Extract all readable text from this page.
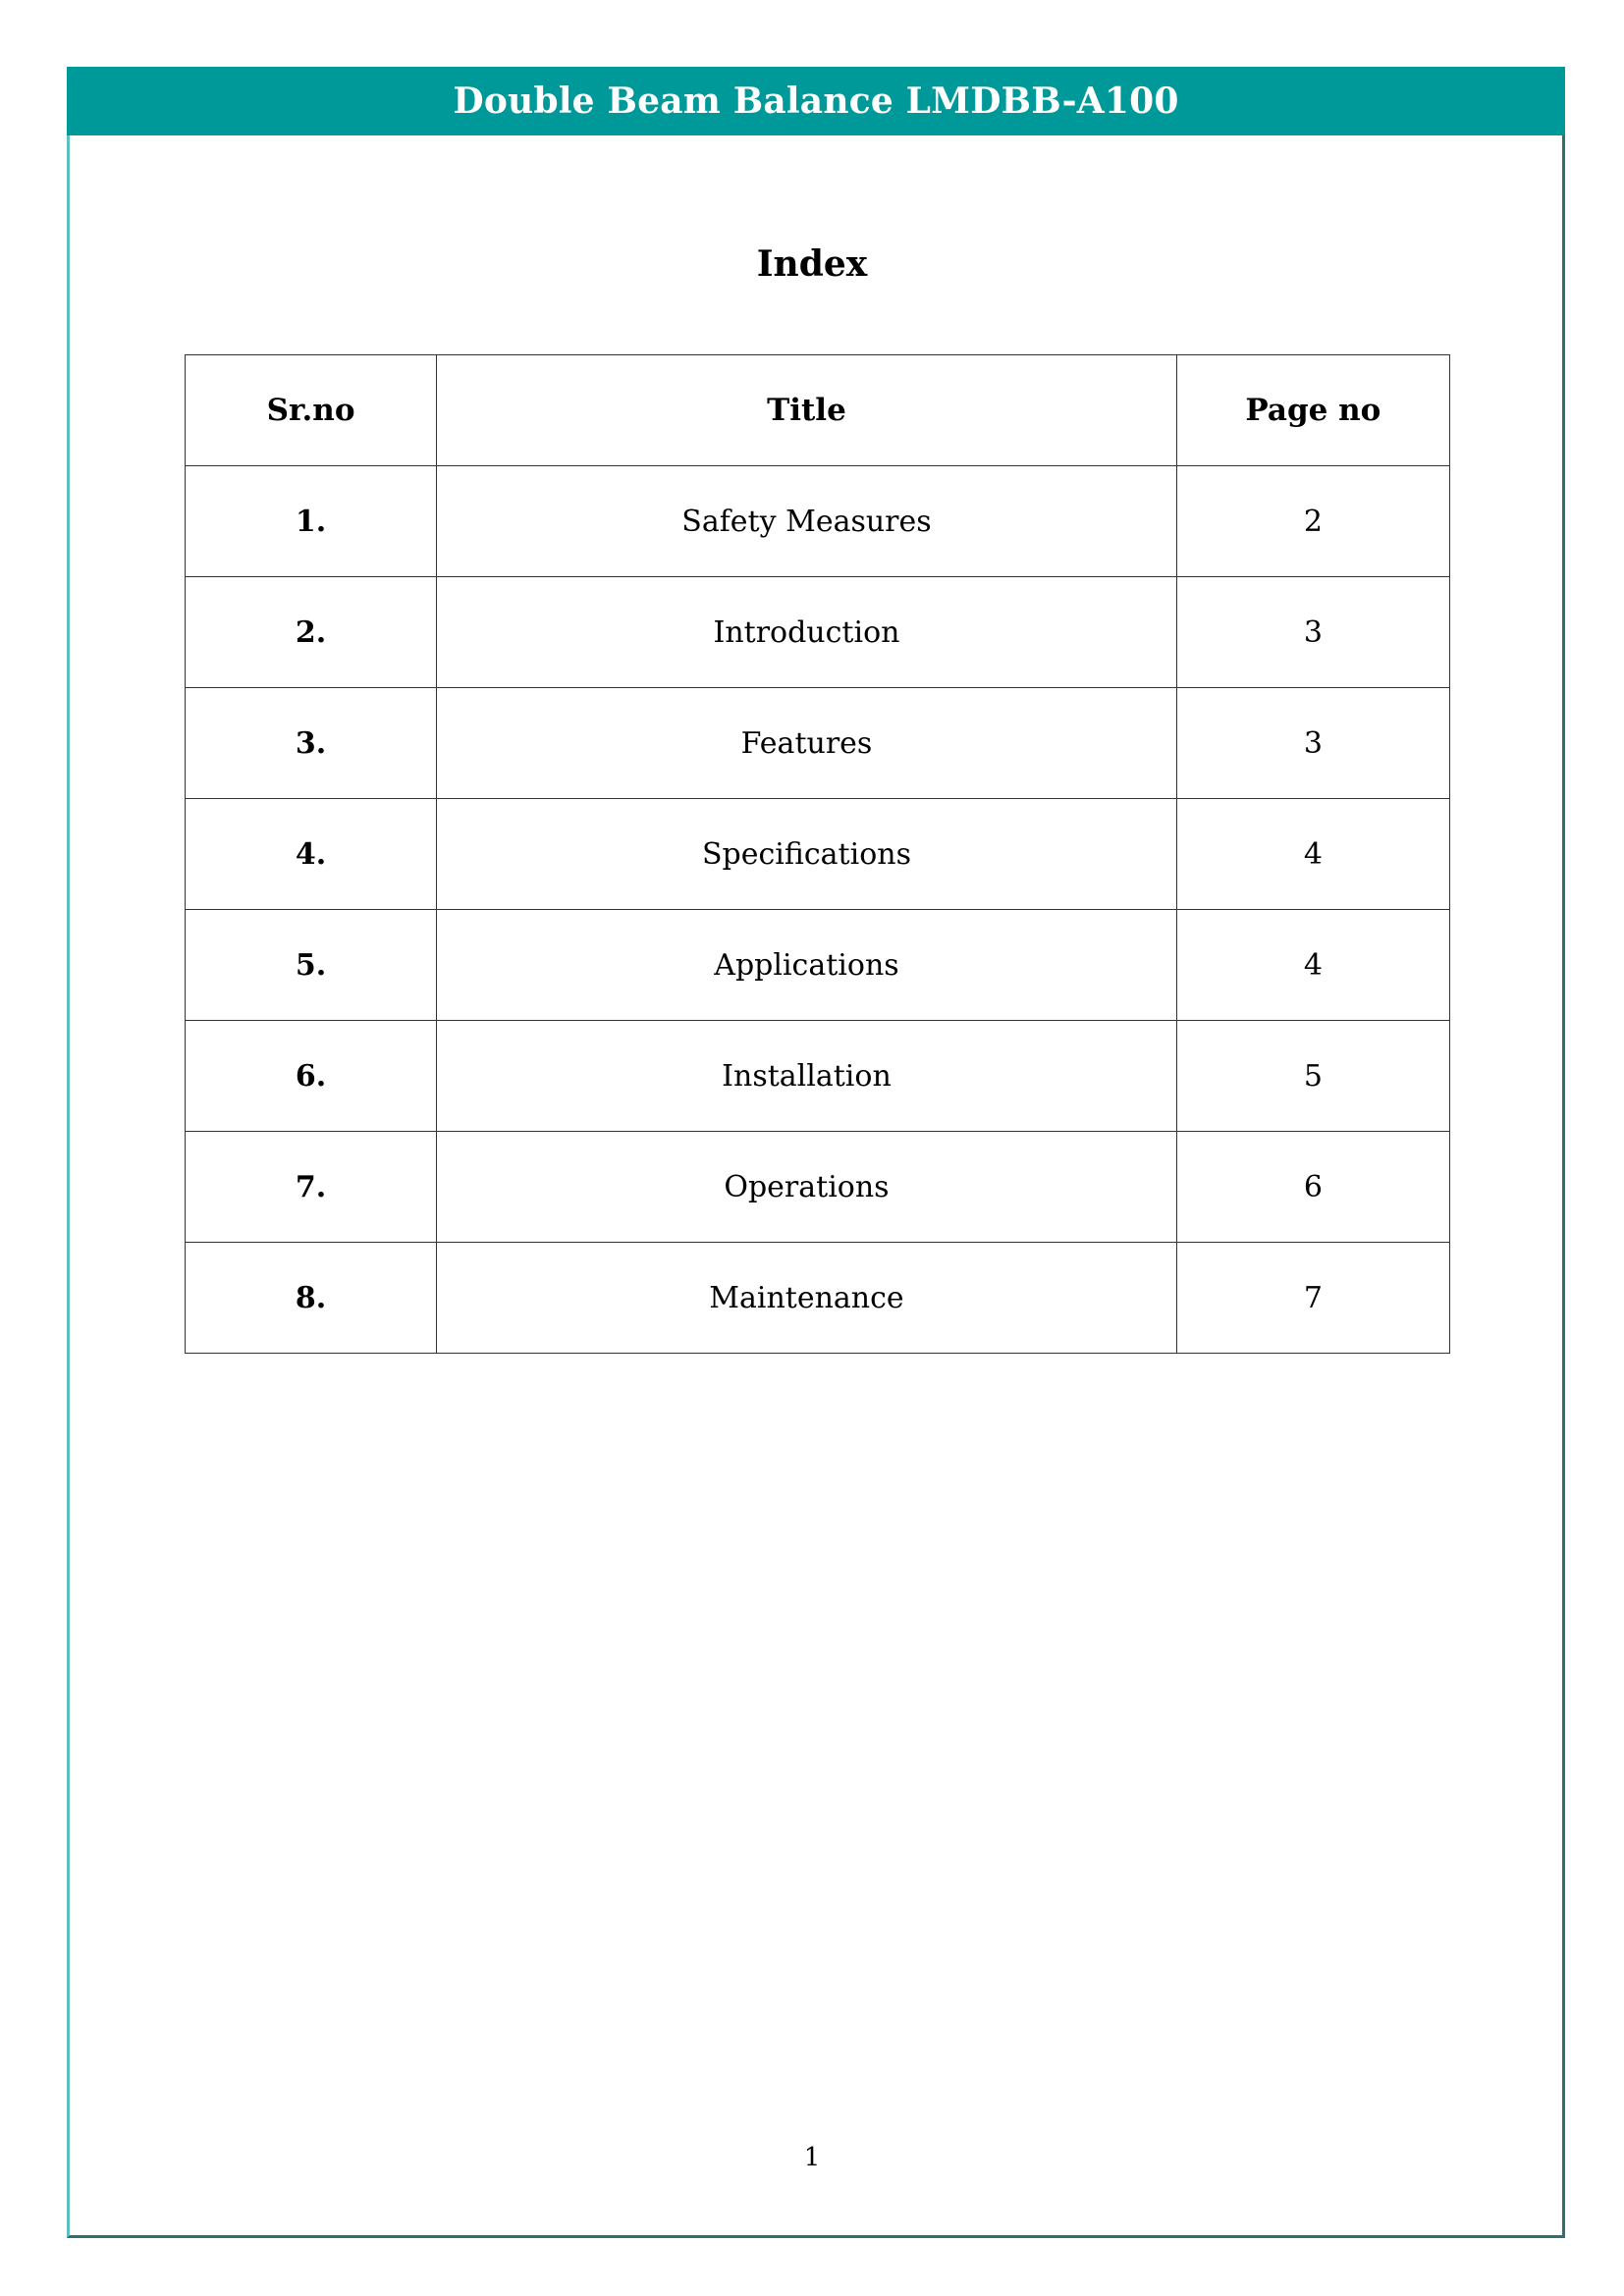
Double Beam Balance LMDBB-A100
Index
Sr.no	Title	Page no
1.	Safety Measures	2
2.	Introduction	3
3.	Features	3
4.	Specifications	4
5.	Applications	4
6.	Installation	5
7.	Operations	6
8.	Maintenance	7
1
